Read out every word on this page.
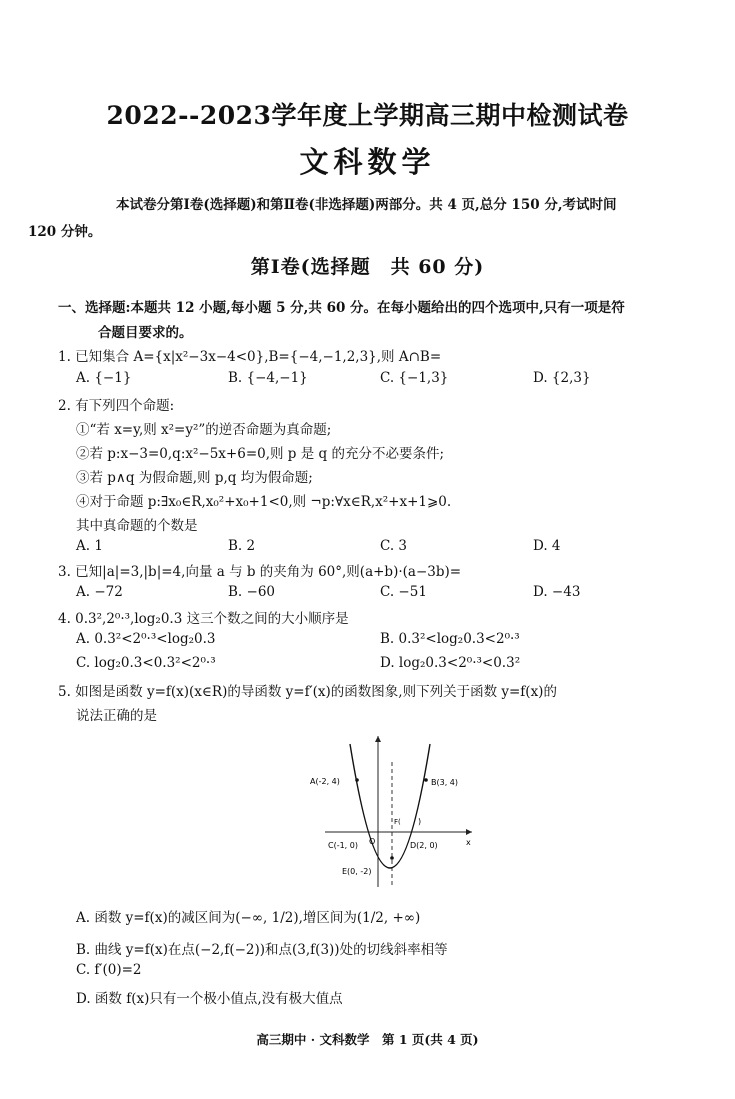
2022--2023学年度上学期高三期中检测试卷
文科数学
本试卷分第Ⅰ卷(选择题)和第Ⅱ卷(非选择题)两部分。共 4 页,总分 150 分,考试时间
120 分钟。
第Ⅰ卷(选择题　共 60 分)
一、选择题:本题共 12 小题,每小题 5 分,共 60 分。在每小题给出的四个选项中,只有一项是符
合题目要求的。
1. 已知集合 A={x|x²−3x−4<0},B={−4,−1,2,3},则 A∩B=
A. {−1}	B. {−4,−1}	C. {−1,3}	D. {2,3}
2. 有下列四个命题:
①“若 x=y,则 x²=y²”的逆否命题为真命题;
②若 p:x−3=0,q:x²−5x+6=0,则 p 是 q 的充分不必要条件;
③若 p∧q 为假命题,则 p,q 均为假命题;
④对于命题 p:∃x₀∈R,x₀²+x₀+1<0,则 ¬p:∀x∈R,x²+x+1⩾0.
其中真命题的个数是
A. 1	B. 2	C. 3	D. 4
3. 已知|a|=3,|b|=4,向量 a 与 b 的夹角为 60°,则(a+b)·(a−3b)=
A. −72	B. −60	C. −51	D. −43
4. 0.3²,2⁰·³,log₂0.3 这三个数之间的大小顺序是
A. 0.3²<2⁰·³<log₂0.3	B. 0.3²<log₂0.3<2⁰·³
C. log₂0.3<0.3²<2⁰·³	D. log₂0.3<2⁰·³<0.3²
5. 如图是函数 y=f(x)(x∈R)的导函数 y=f′(x)的函数图象,则下列关于函数 y=f(x)的
说法正确的是
A(-2, 4)	B(3, 4)
C(-1, 0)	D(2, 0)
E(0, -2)
F( )
O	x
A. 函数 y=f(x)的减区间为(−∞, 1/2),增区间为(1/2, +∞)
B. 曲线 y=f(x)在点(−2,f(−2))和点(3,f(3))处的切线斜率相等
C. f′(0)=2
D. 函数 f(x)只有一个极小值点,没有极大值点
高三期中 · 文科数学　第 1 页(共 4 页)
